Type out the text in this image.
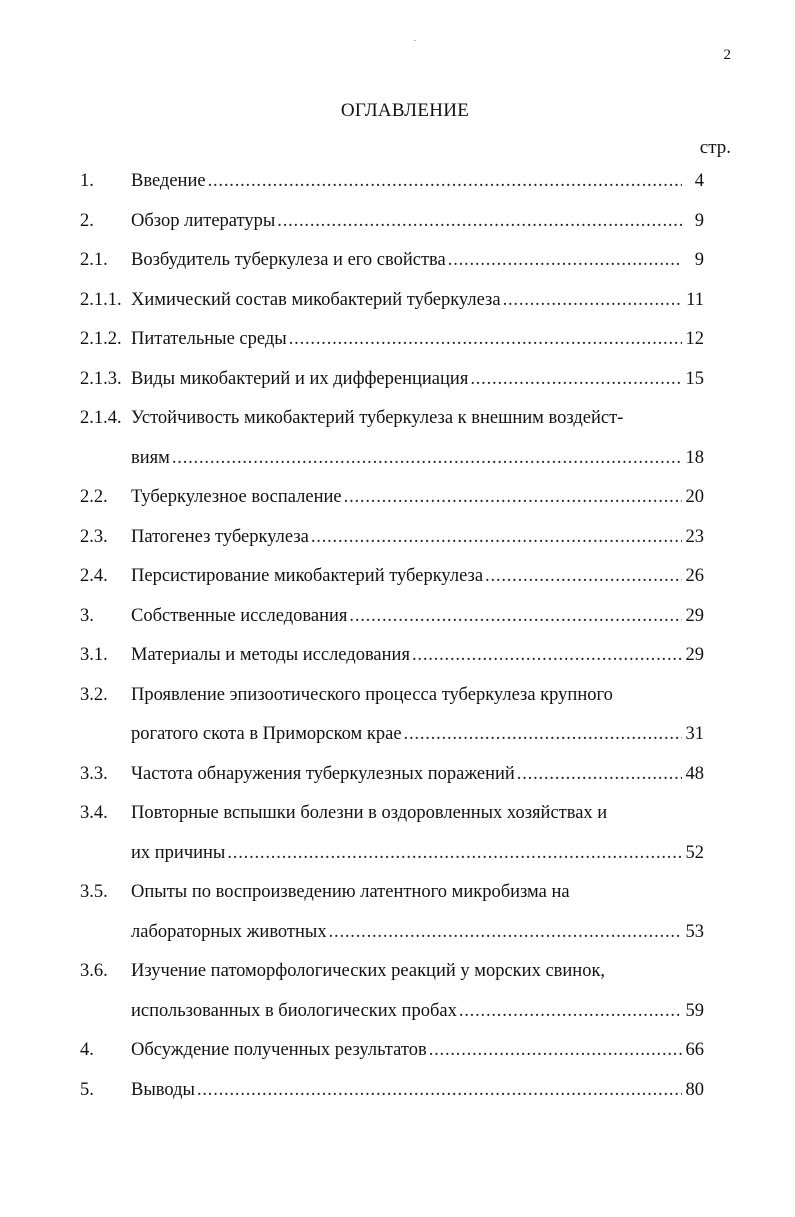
2
ОГЛАВЛЕНИЕ
стр.
1. Введение .....	4
2. Обзор литературы .....	9
2.1. Возбудитель туберкулеза и его свойства .....	9
2.1.1. Химический состав микобактерий туберкулеза .....	11
2.1.2. Питательные среды .....	12
2.1.3. Виды микобактерий и их дифференциация .....	15
2.1.4. Устойчивость микобактерий туберкулеза к внешним воздейст-
виям .....	18
2.2. Туберкулезное воспаление .....	20
2.3. Патогенез туберкулеза .....	23
2.4. Персистирование микобактерий туберкулеза .....	26
3. Собственные исследования .....	29
3.1. Материалы и методы исследования .....	29
3.2. Проявление эпизоотического процесса туберкулеза крупного
рогатого скота в Приморском крае .....	31
3.3. Частота обнаружения туберкулезных поражений .....	48
3.4. Повторные вспышки болезни в оздоровленных хозяйствах и
их причины .....	52
3.5. Опыты по воспроизведению латентного микробизма на
лабораторных животных .....	53
3.6. Изучение патоморфологических реакций у морских свинок,
использованных в биологических пробах .....	59
4. Обсуждение полученных результатов .....	66
5. Выводы .....	80
